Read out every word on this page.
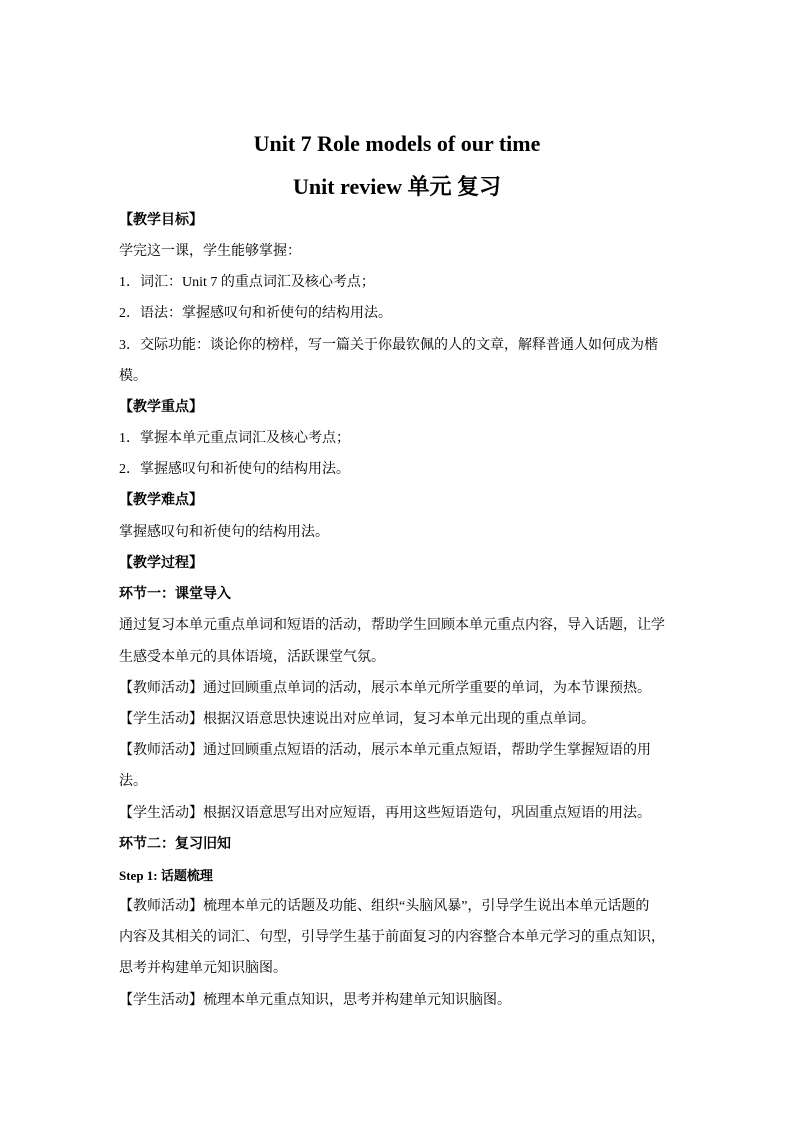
Unit 7 Role models of our time
Unit review 单元 复习
【教学目标】
学完这一课，学生能够掌握：
1．词汇：Unit 7 的重点词汇及核心考点；
2．语法：掌握感叹句和祈使句的结构用法。
3．交际功能：谈论你的榜样，写一篇关于你最钦佩的人的文章，解释普通人如何成为楷
模。
【教学重点】
1．掌握本单元重点词汇及核心考点；
2．掌握感叹句和祈使句的结构用法。
【教学难点】
掌握感叹句和祈使句的结构用法。
【教学过程】
环节一：课堂导入
通过复习本单元重点单词和短语的活动，帮助学生回顾本单元重点内容，导入话题，让学
生感受本单元的具体语境，活跃课堂气氛。
【教师活动】通过回顾重点单词的活动，展示本单元所学重要的单词，为本节课预热。
【学生活动】根据汉语意思快速说出对应单词，复习本单元出现的重点单词。
【教师活动】通过回顾重点短语的活动，展示本单元重点短语，帮助学生掌握短语的用
法。
【学生活动】根据汉语意思写出对应短语，再用这些短语造句，巩固重点短语的用法。
环节二：复习旧知
Step 1: 话题梳理
【教师活动】梳理本单元的话题及功能、组织“头脑风暴”，引导学生说出本单元话题的
内容及其相关的词汇、句型，引导学生基于前面复习的内容整合本单元学习的重点知识，
思考并构建单元知识脑图。
【学生活动】梳理本单元重点知识，思考并构建单元知识脑图。
